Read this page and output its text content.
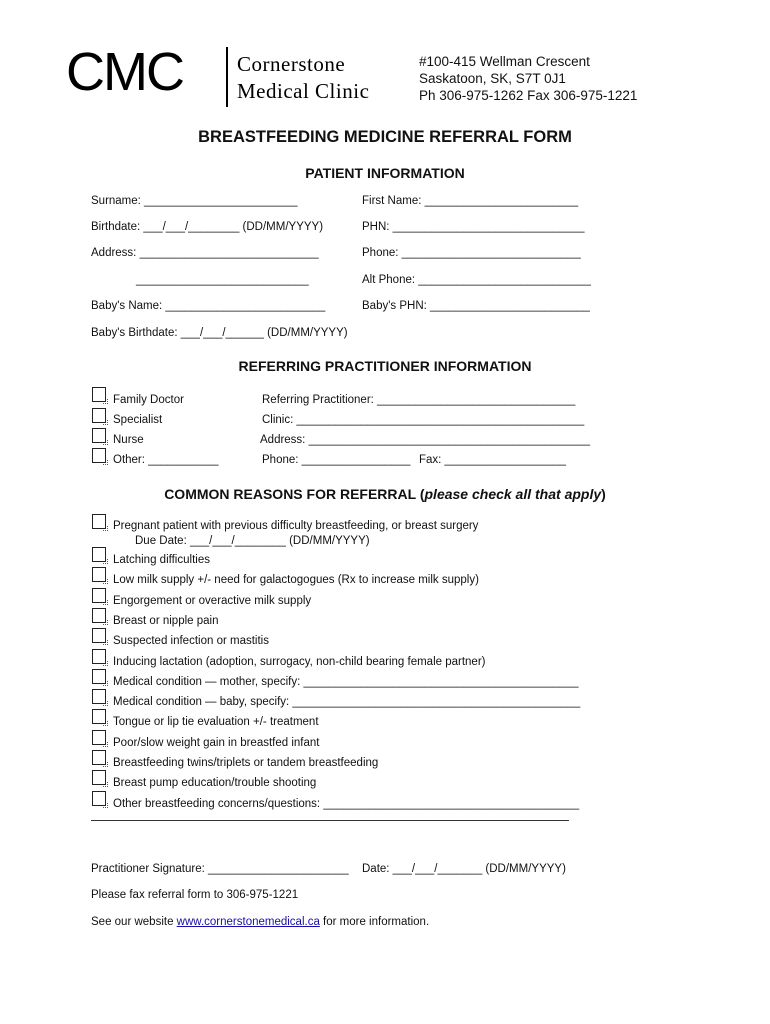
CMC	Cornerstone
Medical Clinic
#100-415 Wellman Crescent
Saskatoon, SK, S7T 0J1
Ph 306-975-1262 Fax 306-975-1221
BREASTFEEDING MEDICINE REFERRAL FORM
PATIENT INFORMATION
Surname: ________________________	First Name: ________________________
Birthdate: ___/___/________ (DD/MM/YYYY)	PHN: ______________________________
Address: ____________________________	Phone: ____________________________
___________________________	Alt Phone: ___________________________
Baby's Name: _________________________	Baby's PHN: _________________________
Baby's Birthdate: ___/___/______ (DD/MM/YYYY)
REFERRING PRACTITIONER INFORMATION
Family Doctor
Specialist
Nurse
Other: ___________
Referring Practitioner: _______________________________
Clinic: _____________________________________________
Address: ____________________________________________
Phone: _________________ Fax: ___________________
COMMON REASONS FOR REFERRAL (please check all that apply)
Pregnant patient with previous difficulty breastfeeding, or breast surgery
Due Date: ___/___/________ (DD/MM/YYYY)
Latching difficulties
Low milk supply +/- need for galactogogues (Rx to increase milk supply)
Engorgement or overactive milk supply
Breast or nipple pain
Suspected infection or mastitis
Inducing lactation (adoption, surrogacy, non-child bearing female partner)
Medical condition — mother, specify: ___________________________________________
Medical condition — baby, specify: _____________________________________________
Tongue or lip tie evaluation +/- treatment
Poor/slow weight gain in breastfed infant
Breastfeeding twins/triplets or tandem breastfeeding
Breast pump education/trouble shooting
Other breastfeeding concerns/questions: ________________________________________
Practitioner Signature: ______________________ Date: ___/___/_______ (DD/MM/YYYY)
Please fax referral form to 306-975-1221
See our website www.cornerstonemedical.ca for more information.
